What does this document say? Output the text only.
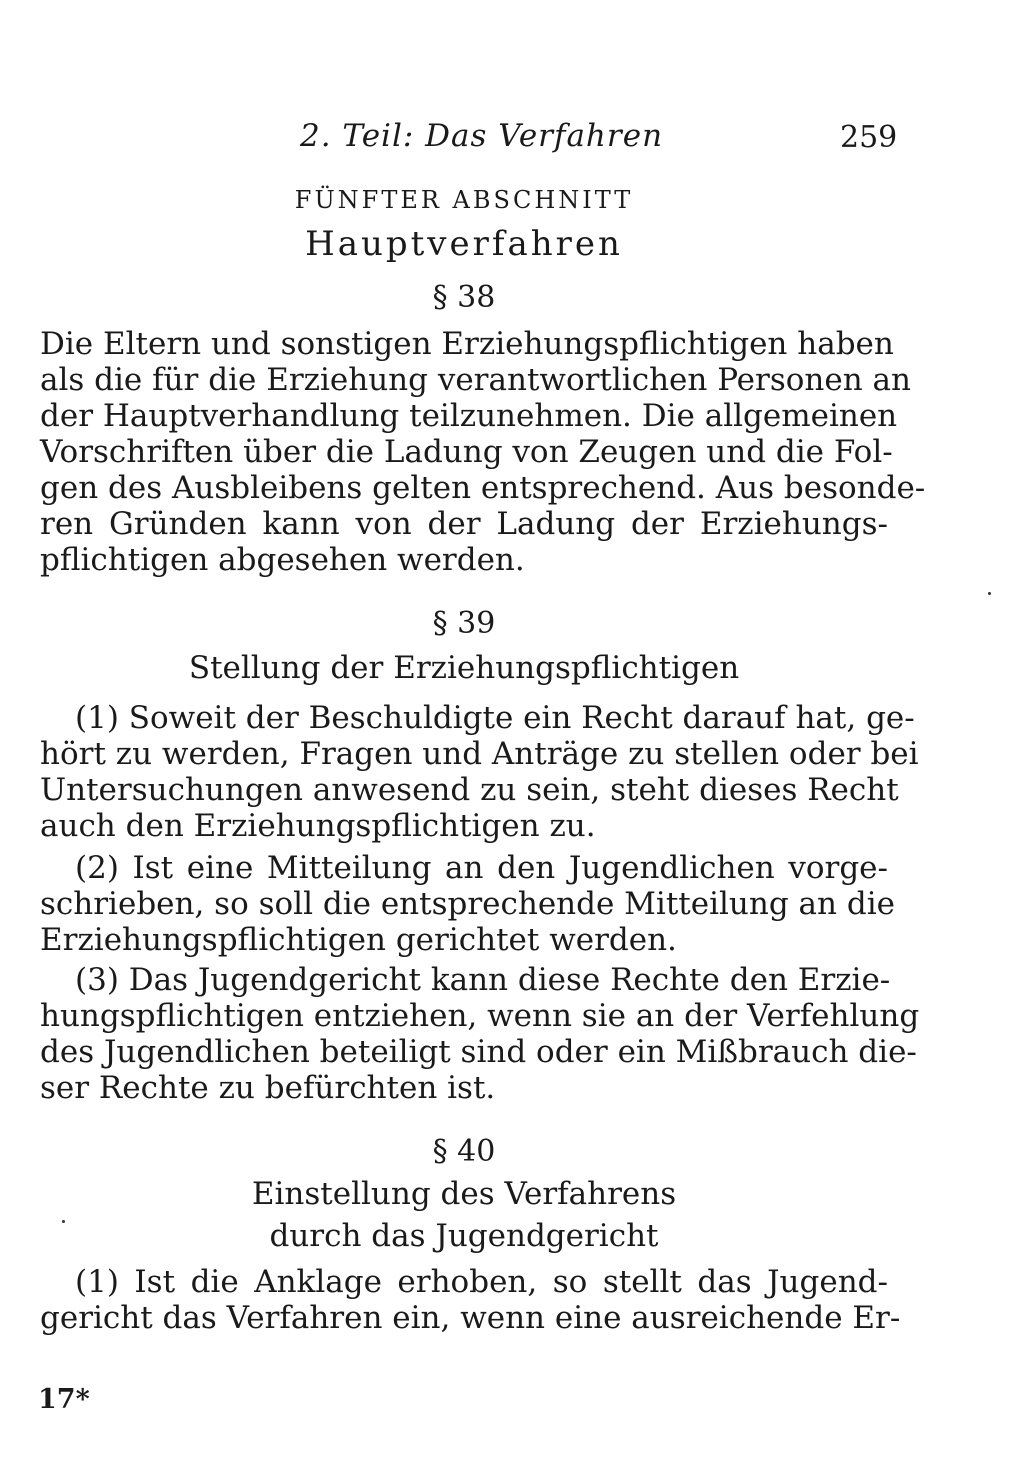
2. Teil: Das Verfahren	259
FÜNFTER ABSCHNITT
Hauptverfahren
§ 38
Die Eltern und sonstigen Erziehungspflichtigen haben
als die für die Erziehung verantwortlichen Personen an
der Hauptverhandlung teilzunehmen. Die allgemeinen
Vorschriften über die Ladung von Zeugen und die Fol-
gen des Ausbleibens gelten entsprechend. Aus besonde-
ren Gründen kann von der Ladung der Erziehungs-
pflichtigen abgesehen werden.
§ 39
Stellung der Erziehungspflichtigen
(1) Soweit der Beschuldigte ein Recht darauf hat, ge-
hört zu werden, Fragen und Anträge zu stellen oder bei
Untersuchungen anwesend zu sein, steht dieses Recht
auch den Erziehungspflichtigen zu.
(2) Ist eine Mitteilung an den Jugendlichen vorge-
schrieben, so soll die entsprechende Mitteilung an die
Erziehungspflichtigen gerichtet werden.
(3) Das Jugendgericht kann diese Rechte den Erzie-
hungspflichtigen entziehen, wenn sie an der Verfehlung
des Jugendlichen beteiligt sind oder ein Mißbrauch die-
ser Rechte zu befürchten ist.
§ 40
Einstellung des Verfahrens
durch das Jugendgericht
(1) Ist die Anklage erhoben, so stellt das Jugend-
gericht das Verfahren ein, wenn eine ausreichende Er-
17*
